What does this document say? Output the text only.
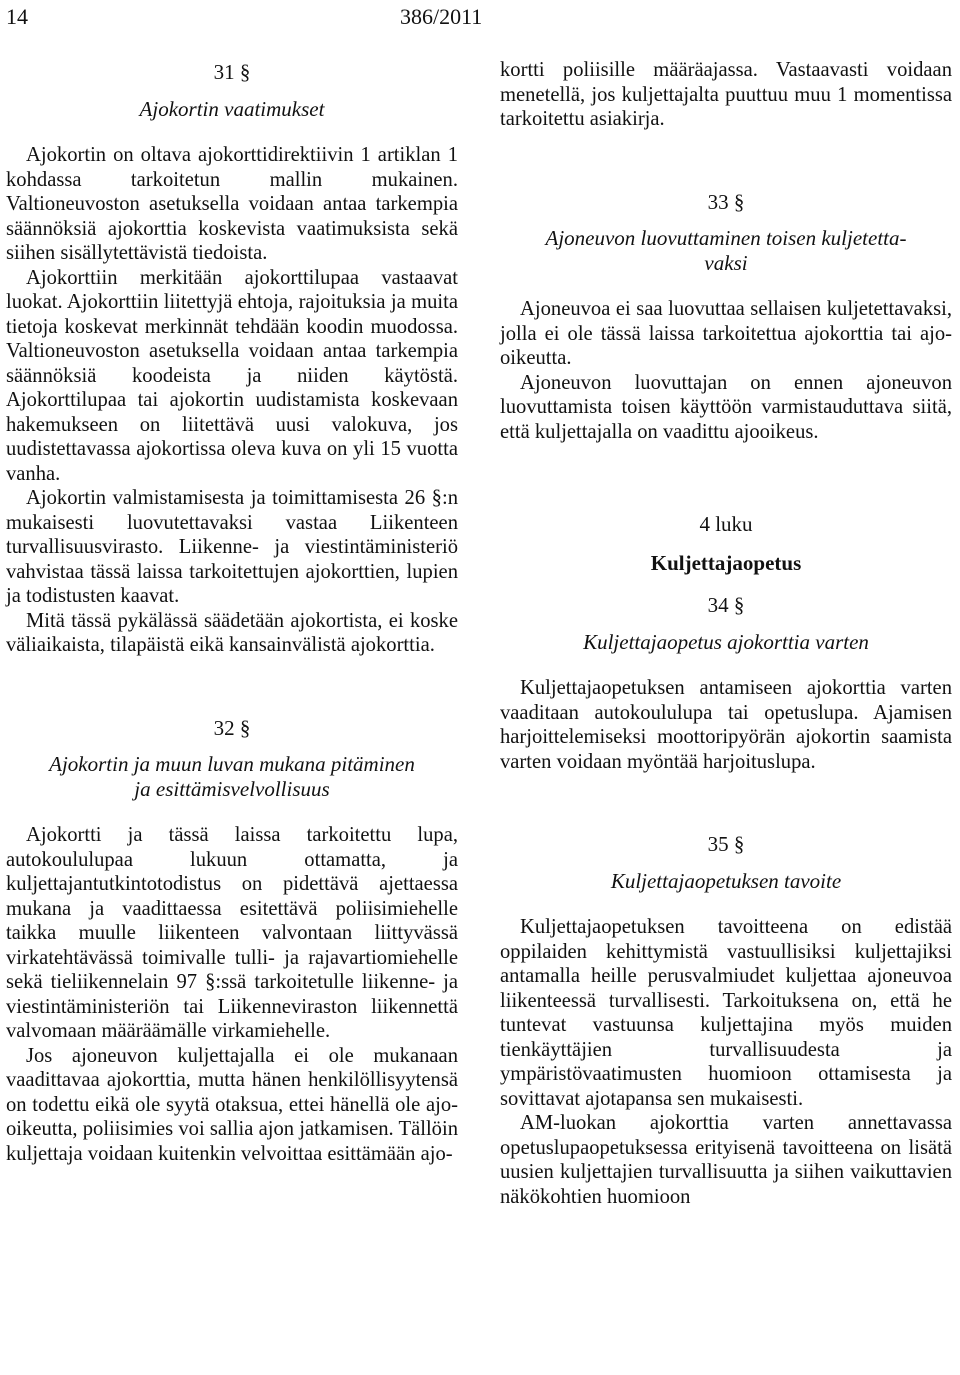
14	386/2011

31 §

Ajokortin vaatimukset

Ajokortin on oltava ajokorttidirektiivin 1 artiklan 1 kohdassa tarkoitetun mallin mukainen. Valtioneuvoston asetuksella voidaan antaa tarkempia säännöksiä ajokorttia koskevista vaatimuksista sekä siihen sisällytettävistä tiedoista.

Ajokorttiin merkitään ajokorttilupaa vastaavat luokat. Ajokorttiin liitettyjä ehtoja, rajoituksia ja muita tietoja koskevat merkinnät tehdään koodin muodossa. Valtioneuvoston asetuksella voidaan antaa tarkempia säännöksiä koodeista ja niiden käytöstä. Ajokorttilupaa tai ajokortin uudistamista koskevaan hakemukseen on liitettävä uusi valokuva, jos uudistettavassa ajokortissa oleva kuva on yli 15 vuotta vanha.

Ajokortin valmistamisesta ja toimittamisesta 26 §:n mukaisesti luovutettavaksi vastaa Liikenteen turvallisuusvirasto. Liikenne- ja viestintäministeriö vahvistaa tässä laissa tarkoitettujen ajokorttien, lupien ja todistusten kaavat.

Mitä tässä pykälässä säädetään ajokortista, ei koske väliaikaista, tilapäistä eikä kansainvälistä ajokorttia.

32 §

Ajokortin ja muun luvan mukana pitäminen
ja esittämisvelvollisuus

Ajokortti ja tässä laissa tarkoitettu lupa, autokoululupaa lukuun ottamatta, ja kuljettajantutkintotodistus on pidettävä ajettaessa mukana ja vaadittaessa esitettävä poliisimiehelle taikka muulle liikenteen valvontaan liittyvässä virkatehtävässä toimivalle tulli- ja rajavartiomiehelle sekä tieliikennelain 97 §:ssä tarkoitetulle liikenne- ja viestintäministeriön tai Liikenneviraston liikennettä valvomaan määräämälle virkamiehelle.

Jos ajoneuvon kuljettajalla ei ole mukanaan vaadittavaa ajokorttia, mutta hänen henkilöllisyytensä on todettu eikä ole syytä otaksua, ettei hänellä ole ajo-oikeutta, poliisimies voi sallia ajon jatkamisen. Tällöin kuljettaja voidaan kuitenkin velvoittaa esittämään ajo-

kortti poliisille määräajassa. Vastaavasti voidaan menetellä, jos kuljettajalta puuttuu muu 1 momentissa tarkoitettu asiakirja.

33 §

Ajoneuvon luovuttaminen toisen kuljetetta-
vaksi

Ajoneuvoa ei saa luovuttaa sellaisen kuljetettavaksi, jolla ei ole tässä laissa tarkoitettua ajokorttia tai ajo-oikeutta.

Ajoneuvon luovuttajan on ennen ajoneuvon luovuttamista toisen käyttöön varmistauduttava siitä, että kuljettajalla on vaadittu ajooikeus.

4 luku

Kuljettajaopetus

34 §

Kuljettajaopetus ajokorttia varten

Kuljettajaopetuksen antamiseen ajokorttia varten vaaditaan autokoululupa tai opetuslupa. Ajamisen harjoittelemiseksi moottoripyörän ajokortin saamista varten voidaan myöntää harjoituslupa.

35 §

Kuljettajaopetuksen tavoite

Kuljettajaopetuksen tavoitteena on edistää oppilaiden kehittymistä vastuullisiksi kuljettajiksi antamalla heille perusvalmiudet kuljettaa ajoneuvoa liikenteessä turvallisesti. Tarkoituksena on, että he tuntevat vastuunsa kuljettajina myös muiden tienkäyttäjien turvallisuudesta ja ympäristövaatimusten huomioon ottamisesta ja sovittavat ajotapansa sen mukaisesti.

AM-luokan ajokorttia varten annettavassa opetuslupaopetuksessa erityisenä tavoitteena on lisätä uusien kuljettajien turvallisuutta ja siihen vaikuttavien näkökohtien huomioon
